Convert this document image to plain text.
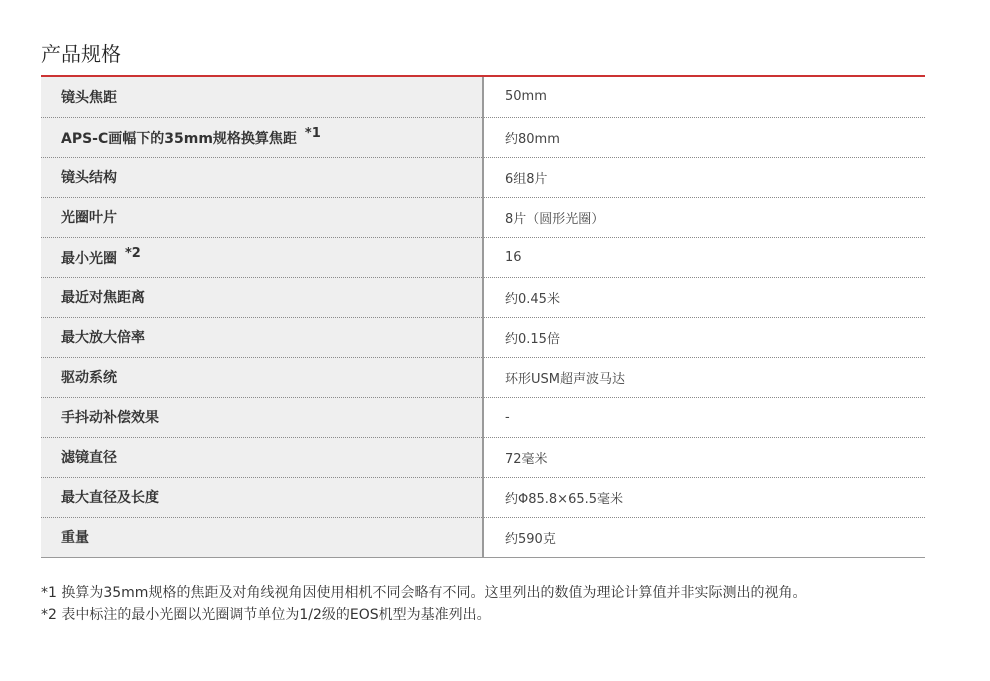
产品规格
镜头焦距	50mm
APS-C画幅下的35mm规格换算焦距 *1	约80mm
镜头结构	6组8片
光圈叶片	8片（圆形光圈）
最小光圈 *2	16
最近对焦距离	约0.45米
最大放大倍率	约0.15倍
驱动系统	环形USM超声波马达
手抖动补偿效果	-
滤镜直径	72毫米
最大直径及长度	约Φ85.8×65.5毫米
重量	约590克
*1 换算为35mm规格的焦距及对角线视角因使用相机不同会略有不同。这里列出的数值为理论计算值并非实际测出的视角。
*2 表中标注的最小光圈以光圈调节单位为1/2级的EOS机型为基准列出。
